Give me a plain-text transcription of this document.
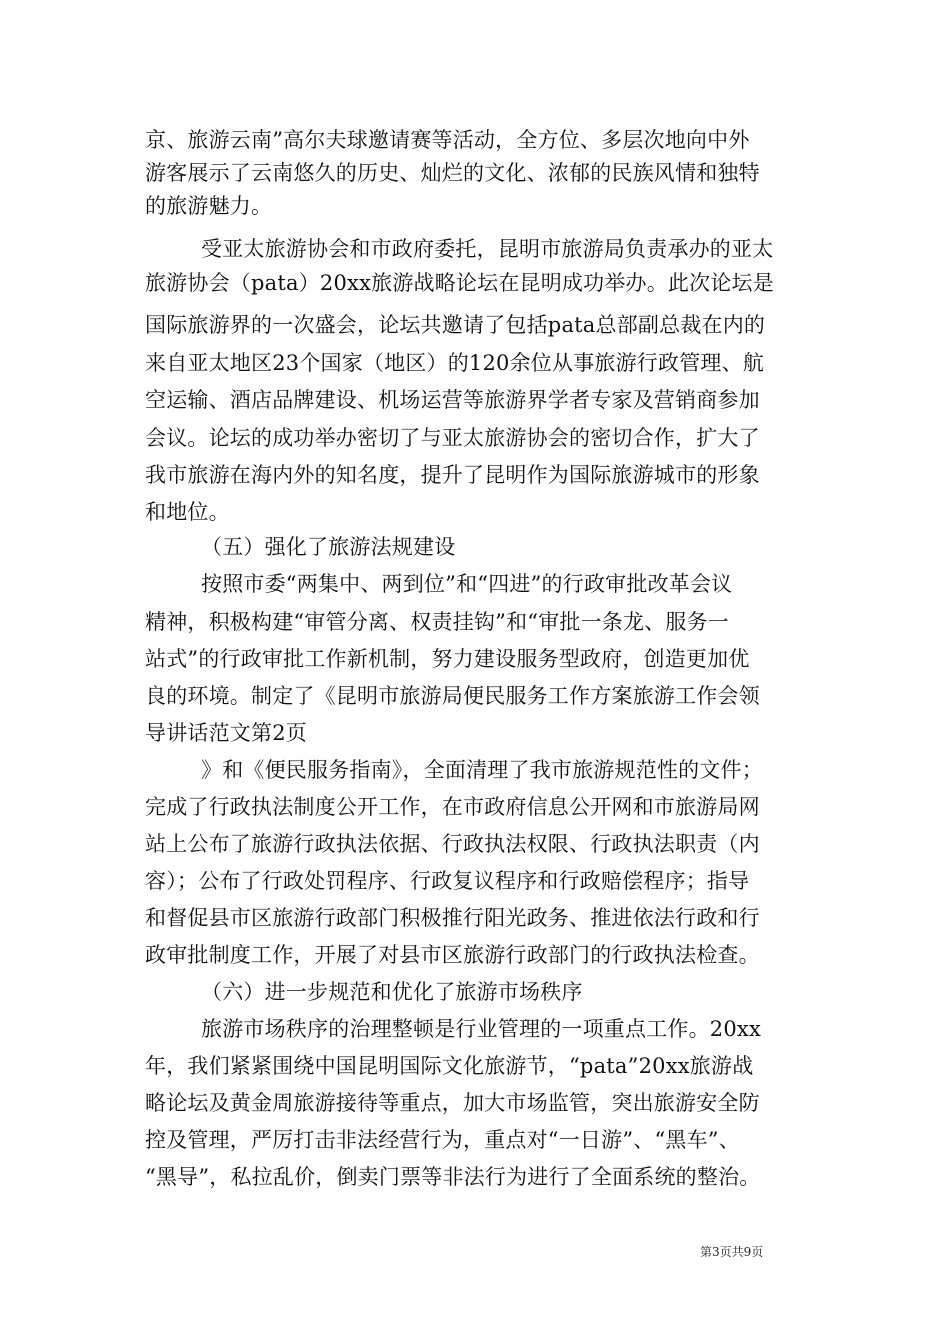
京、旅游云南”高尔夫球邀请赛等活动，全方位、多层次地向中外
游客展示了云南悠久的历史、灿烂的文化、浓郁的民族风情和独特
的旅游魅力。
受亚太旅游协会和市政府委托，昆明市旅游局负责承办的亚太
旅游协会（pata）20xx旅游战略论坛在昆明成功举办。此次论坛是
国际旅游界的一次盛会，论坛共邀请了包括pata总部副总裁在内的
来自亚太地区23个国家（地区）的120余位从事旅游行政管理、航
空运输、酒店品牌建设、机场运营等旅游界学者专家及营销商参加
会议。论坛的成功举办密切了与亚太旅游协会的密切合作，扩大了
我市旅游在海内外的知名度，提升了昆明作为国际旅游城市的形象
和地位。
（五）强化了旅游法规建设
按照市委“两集中、两到位”和“四进”的行政审批改革会议
精神，积极构建“审管分离、权责挂钩”和“审批一条龙、服务一
站式”的行政审批工作新机制，努力建设服务型政府，创造更加优
良的环境。制定了《昆明市旅游局便民服务工作方案旅游工作会领
导讲话范文第2页
》和《便民服务指南》，全面清理了我市旅游规范性的文件；
完成了行政执法制度公开工作，在市政府信息公开网和市旅游局网
站上公布了旅游行政执法依据、行政执法权限、行政执法职责（内
容）；公布了行政处罚程序、行政复议程序和行政赔偿程序；指导
和督促县市区旅游行政部门积极推行阳光政务、推进依法行政和行
政审批制度工作，开展了对县市区旅游行政部门的行政执法检查。
（六）进一步规范和优化了旅游市场秩序
旅游市场秩序的治理整顿是行业管理的一项重点工作。20xx
年，我们紧紧围绕中国昆明国际文化旅游节，“pata”20xx旅游战
略论坛及黄金周旅游接待等重点，加大市场监管，突出旅游安全防
控及管理，严厉打击非法经营行为，重点对“一日游”、“黑车”、
“黑导”，私拉乱价，倒卖门票等非法行为进行了全面系统的整治。
第3页共9页
